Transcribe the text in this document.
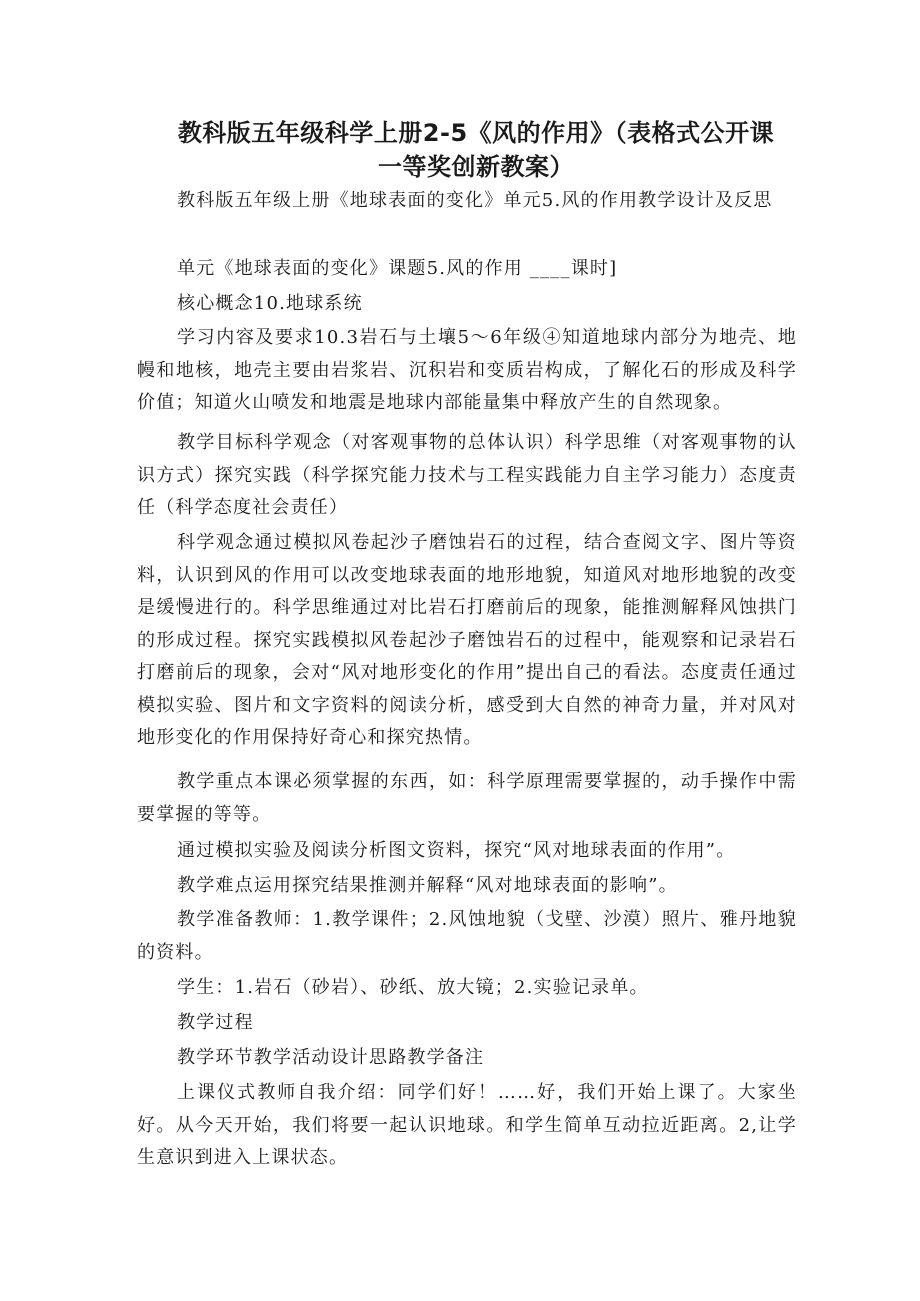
教科版五年级科学上册2-5《风的作用》（表格式公开课
一等奖创新教案）

教科版五年级上册《地球表面的变化》单元5.风的作用教学设计及反思

单元《地球表面的变化》课题5.风的作用 ____课时]

核心概念10.地球系统

学习内容及要求10.3岩石与土壤5～6年级④知道地球内部分为地壳、地幔和地核，地壳主要由岩浆岩、沉积岩和变质岩构成，了解化石的形成及科学价值；知道火山喷发和地震是地球内部能量集中释放产生的自然现象。

教学目标科学观念（对客观事物的总体认识）科学思维（对客观事物的认识方式）探究实践（科学探究能力技术与工程实践能力自主学习能力）态度责任（科学态度社会责任）

科学观念通过模拟风卷起沙子磨蚀岩石的过程，结合查阅文字、图片等资料，认识到风的作用可以改变地球表面的地形地貌，知道风对地形地貌的改变是缓慢进行的。科学思维通过对比岩石打磨前后的现象，能推测解释风蚀拱门的形成过程。探究实践模拟风卷起沙子磨蚀岩石的过程中，能观察和记录岩石打磨前后的现象，会对“风对地形变化的作用”提出自己的看法。态度责任通过模拟实验、图片和文字资料的阅读分析，感受到大自然的神奇力量，并对风对地形变化的作用保持好奇心和探究热情。

教学重点本课必须掌握的东西，如：科学原理需要掌握的，动手操作中需要掌握的等等。

通过模拟实验及阅读分析图文资料，探究“风对地球表面的作用”。

教学难点运用探究结果推测并解释“风对地球表面的影响”。

教学准备教师：1.教学课件；2.风蚀地貌（戈壁、沙漠）照片、雅丹地貌的资料。

学生：1.岩石（砂岩）、砂纸、放大镜；2.实验记录单。

教学过程

教学环节教学活动设计思路教学备注

上课仪式教师自我介绍：同学们好！……好，我们开始上课了。大家坐好。从今天开始，我们将要一起认识地球。和学生简单互动拉近距离。2,让学生意识到进入上课状态。
